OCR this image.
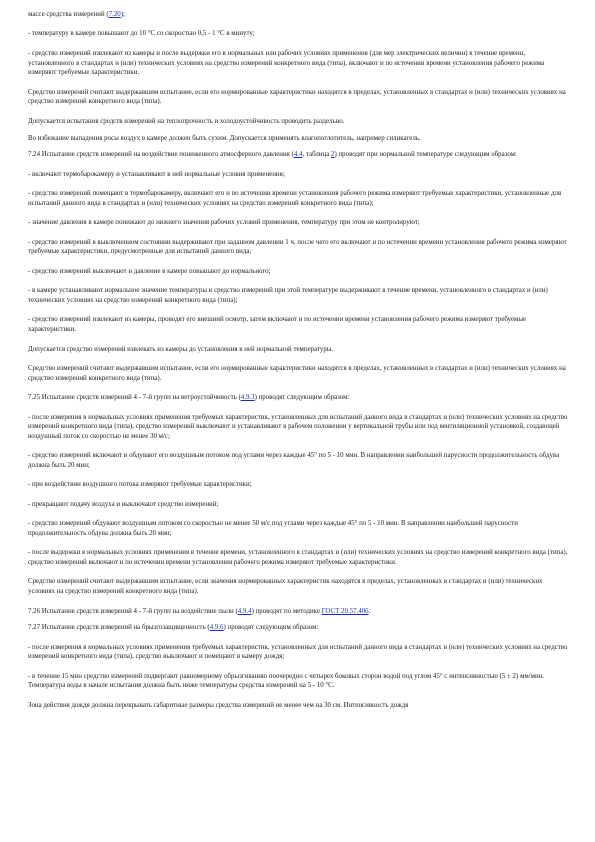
массе средства измерений (7.20);

- температуру в камере повышают до 10 °С со скоростью 0,5 - 1 °С в минуту;

- средство измерений извлекают из камеры и после выдержки его в нормальных или рабочих условиях применения (для мер электрических величин) в течение времени, установленного в стандартах и (или) технических условиях на средство измерений конкретного вида (типа), включают и по истечении времени установления рабочего режима измеряют требуемые характеристики.

Средство измерений считают выдержавшим испытание, если его нормированные характеристики находятся в пределах, установленных в стандартах и (или) технических условиях на средство измерений конкретного вида (типа).

Допускается испытания средств измерений на теплопрочность и холодоустойчивость проводить раздельно.

Во избежание выпадения росы воздух в камере должен быть сухим. Допускается применять влагопоглотитель, например силикагель.

7.24 Испытание средств измерений на воздействие пониженного атмосферного давления (4.4, таблица 2) проводят при нормальной температуре следующим образом:

- включают термобарокамеру и устанавливают в ней нормальные условия применения;

- средство измерений помещают в термобарокамеру, включают его и по истечении времени установления рабочего режима измеряют требуемые характеристики, установленные для испытаний данного вида в стандартах и (или) технических условиях на средство измерений конкретного вида (типа);

- значение давления в камере понижают до нижнего значения рабочих условий применения, температуру при этом не контролируют;

- средство измерений в выключенном состоянии выдерживают при заданном давлении 1 ч, после чего его включают и по истечении времени установления рабочего режима измеряют требуемые характеристики, предусмотренные для испытаний данного вида;

- средство измерений выключают и давление в камере повышают до нормального;

- в камере устанавливают нормальное значение температуры и средство измерений при этой температуре выдерживают в течение времени, установленного в стандартах и (или) технических условиях на средство измерений конкретного вида (типа);

- средство измерений извлекают из камеры, проводят его внешний осмотр, затем включают и по истечении времени установления рабочего режима измеряют требуемые характеристики.

Допускается средство измерений извлекать из камеры до установления в ней нормальной температуры.

Средство измерений считают выдержавшим испытание, если его нормированные характеристики находятся в пределах, установленных в стандартах и (или) технических условиях на средство измерений конкретного вида (типа).

7.25 Испытание средств измерений 4 - 7-й групп на ветроустойчивость (4.9.3) проводят следующим образом:

- после измерения в нормальных условиях применения требуемых характеристик, установленных для испытаний данного вида в стандартах и (или) технических условиях на средство измерений конкретного вида (типа), средство измерений выключают и устанавливают в рабочем положении у вертикальной трубы или под вентиляционной установкой, создающей воздушный поток со скоростью не менее 30 м/с;

- средство измерений включают и обдувают его воздушным потоком под углами через каждые 45° по 5 - 10 мин. В направлении наибольшей парусности продолжительность обдува должна быть 20 мин;

- при воздействии воздушного потока измеряют требуемые характеристики;

- прекращают подачу воздуха и выключают средство измерений;

- средство измерений обдувают воздушным потоком со скоростью не менее 50 м/с под углами через каждые 45° по 5 - 10 мин. В направлении наибольшей парусности продолжительность обдува должна быть 20 мин;

- после выдержки в нормальных условиях применения в течение времени, установленного в стандартах и (или) технических условиях на средство измерений конкретного вида (типа), средство измерений включают и по истечении времени установления рабочего режима измеряют требуемые характеристики.

Средство измерений считают выдержавшим испытание, если значения нормированных характеристик находятся в пределах, установленных в стандартах и (или) технических условиях на средство измерений конкретного вида (типа).

7.26 Испытание средств измерений 4 - 7-й групп на воздействие пыли (4.9.4) проводят по методике ГОСТ 20.57.406.

7.27 Испытание средств измерений на брызгозащищенность (4.9.6) проводят следующим образом:

- после измерения в нормальных условиях применения требуемых характеристик, установленных для испытаний данного вида в стандартах и (или) технических условиях на средство измерений конкретного вида (типа), средство выключают и помещают в камеру дождя;

- в течение 15 мин средство измерений подвергают равномерному обрызгиванию поочередно с четырех боковых сторон водой под углом 45° с интенсивностью (5 ± 2) мм/мин. Температура воды в начале испытания должна быть ниже температуры средства измерений на 5 - 10 °С.

Зона действия дождя должна перекрывать габаритные размеры средства измерений не менее чем на 30 см. Интенсивность дождя
